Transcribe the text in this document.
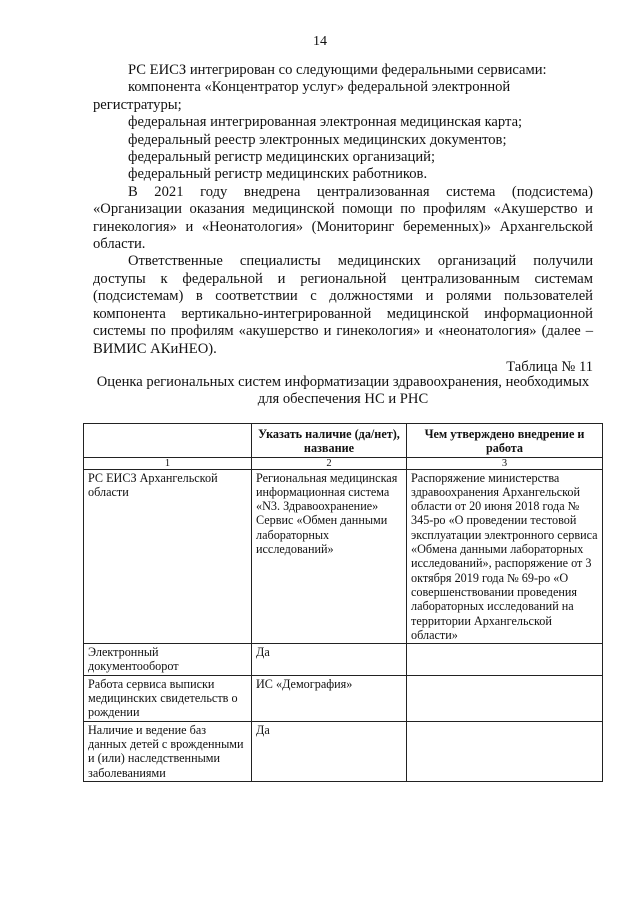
14

РС ЕИСЗ интегрирован со следующими федеральными сервисами:

компонента «Концентратор услуг» федеральной электронной регистратуры;

федеральная интегрированная электронная медицинская карта;

федеральный реестр электронных медицинских документов;

федеральный регистр медицинских организаций;

федеральный регистр медицинских работников.

В 2021 году внедрена централизованная система (подсистема) «Организации оказания медицинской помощи по профилям «Акушерство и гинекология» и «Неонатология» (Мониторинг беременных)» Архангельской области.

Ответственные специалисты медицинских организаций получили доступы к федеральной и региональной централизованным системам (подсистемам) в соответствии с должностями и ролями пользователей компонента вертикально-интегрированной медицинской информационной системы по профилям «акушерство и гинекология» и «неонатология» (далее – ВИМИС АКиНЕО).

Таблица № 11

Оценка региональных систем информатизации здравоохранения, необходимых для обеспечения НС и РНС
	Указать наличие (да/нет), название	Чем утверждено внедрение и работа
1	2	3
РС ЕИСЗ Архангельской области	Региональная медицинская информационная система «N3. Здравоохранение» Сервис «Обмен данными лабораторных исследований»	Распоряжение министерства здравоохранения Архангельской области от 20 июня 2018 года № 345-ро «О проведении тестовой эксплуатации электронного сервиса «Обмена данными лабораторных исследований», распоряжение от 3 октября 2019 года № 69-ро «О совершенствовании проведения лабораторных исследований на территории Архангельской области»
Электронный документооборот	Да	
Работа сервиса выписки медицинских свидетельств о рождении	ИС «Демография»	
Наличие и ведение баз данных детей с врожденными и (или) наследственными заболеваниями	Да	
